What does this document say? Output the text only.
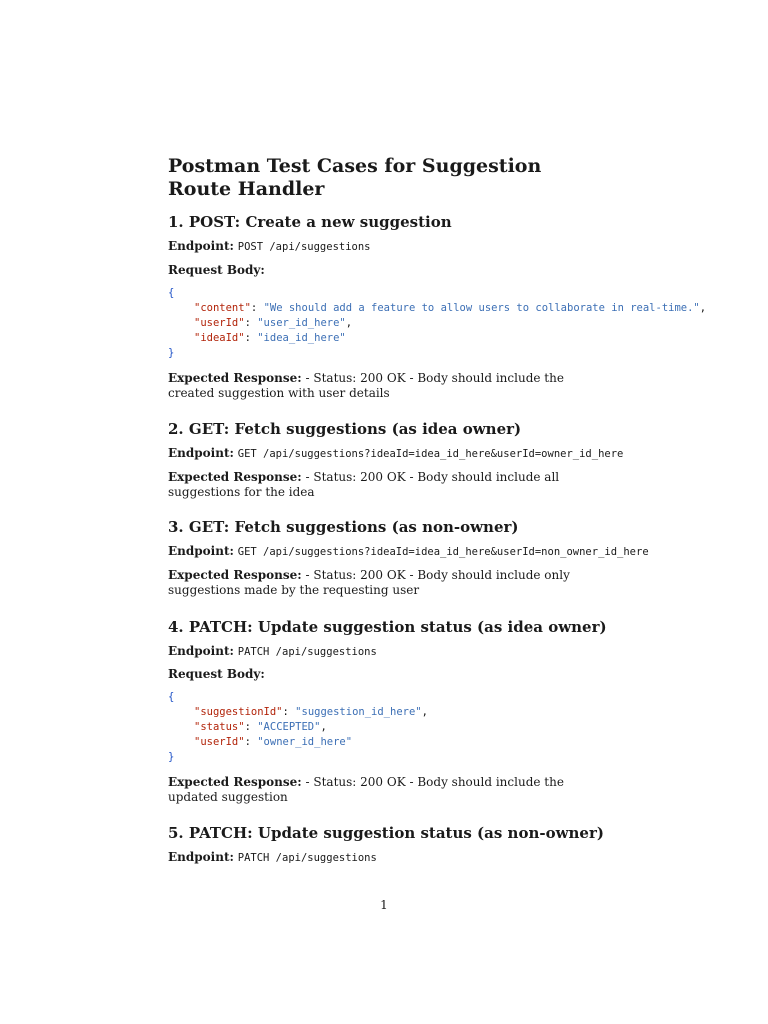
Postman Test Cases for Suggestion Route Handler
1. POST: Create a new suggestion
Endpoint: POST /api/suggestions
Request Body:
{
"content": "We should add a feature to allow users to collaborate in real-time.",
"userId": "user_id_here",
"ideaId": "idea_id_here"
}
Expected Response: - Status: 200 OK - Body should include the created suggestion with user details
2. GET: Fetch suggestions (as idea owner)
Endpoint: GET /api/suggestions?ideaId=idea_id_here&userId=owner_id_here
Expected Response: - Status: 200 OK - Body should include all suggestions for the idea
3. GET: Fetch suggestions (as non-owner)
Endpoint: GET /api/suggestions?ideaId=idea_id_here&userId=non_owner_id_here
Expected Response: - Status: 200 OK - Body should include only suggestions made by the requesting user
4. PATCH: Update suggestion status (as idea owner)
Endpoint: PATCH /api/suggestions
Request Body:
{
"suggestionId": "suggestion_id_here",
"status": "ACCEPTED",
"userId": "owner_id_here"
}
Expected Response: - Status: 200 OK - Body should include the updated suggestion
5. PATCH: Update suggestion status (as non-owner)
Endpoint: PATCH /api/suggestions
1
